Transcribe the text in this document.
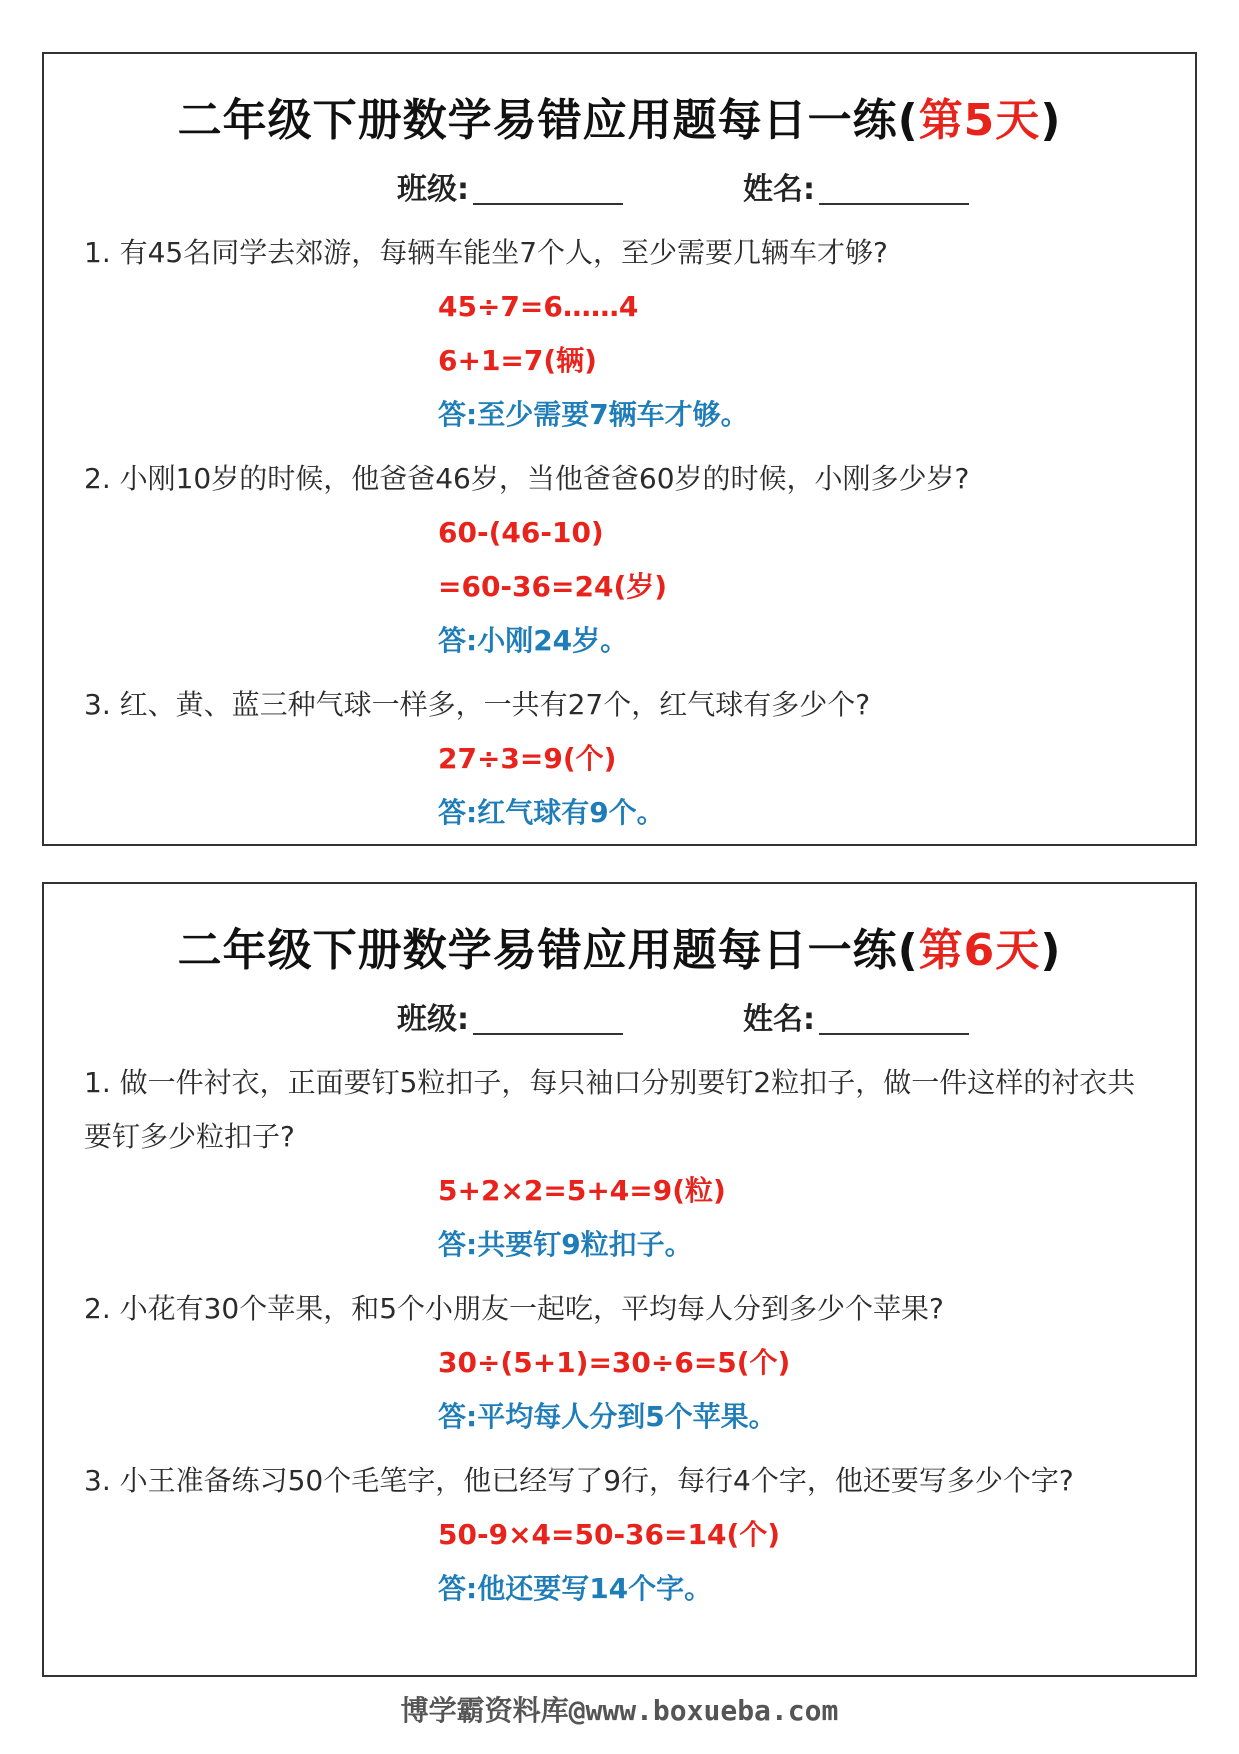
二年级下册数学易错应用题每日一练(第5天)
班级:	姓名:

1. 有45名同学去郊游，每辆车能坐7个人，至少需要几辆车才够?

45÷7=6……4

6+1=7(辆)

答:至少需要7辆车才够。

2. 小刚10岁的时候，他爸爸46岁，当他爸爸60岁的时候，小刚多少岁?

60-(46-10)

=60-36=24(岁)

答:小刚24岁。

3. 红、黄、蓝三种气球一样多，一共有27个，红气球有多少个?

27÷3=9(个)

答:红气球有9个。

二年级下册数学易错应用题每日一练(第6天)
班级:	姓名:

1. 做一件衬衣，正面要钉5粒扣子，每只袖口分别要钉2粒扣子，做一件这样的衬衣共要钉多少粒扣子?

5+2×2=5+4=9(粒)

答:共要钉9粒扣子。

2. 小花有30个苹果，和5个小朋友一起吃，平均每人分到多少个苹果?

30÷(5+1)=30÷6=5(个)

答:平均每人分到5个苹果。

3. 小王准备练习50个毛笔字，他已经写了9行，每行4个字，他还要写多少个字?

50-9×4=50-36=14(个)

答:他还要写14个字。

博学霸资料库@www.boxueba.com
